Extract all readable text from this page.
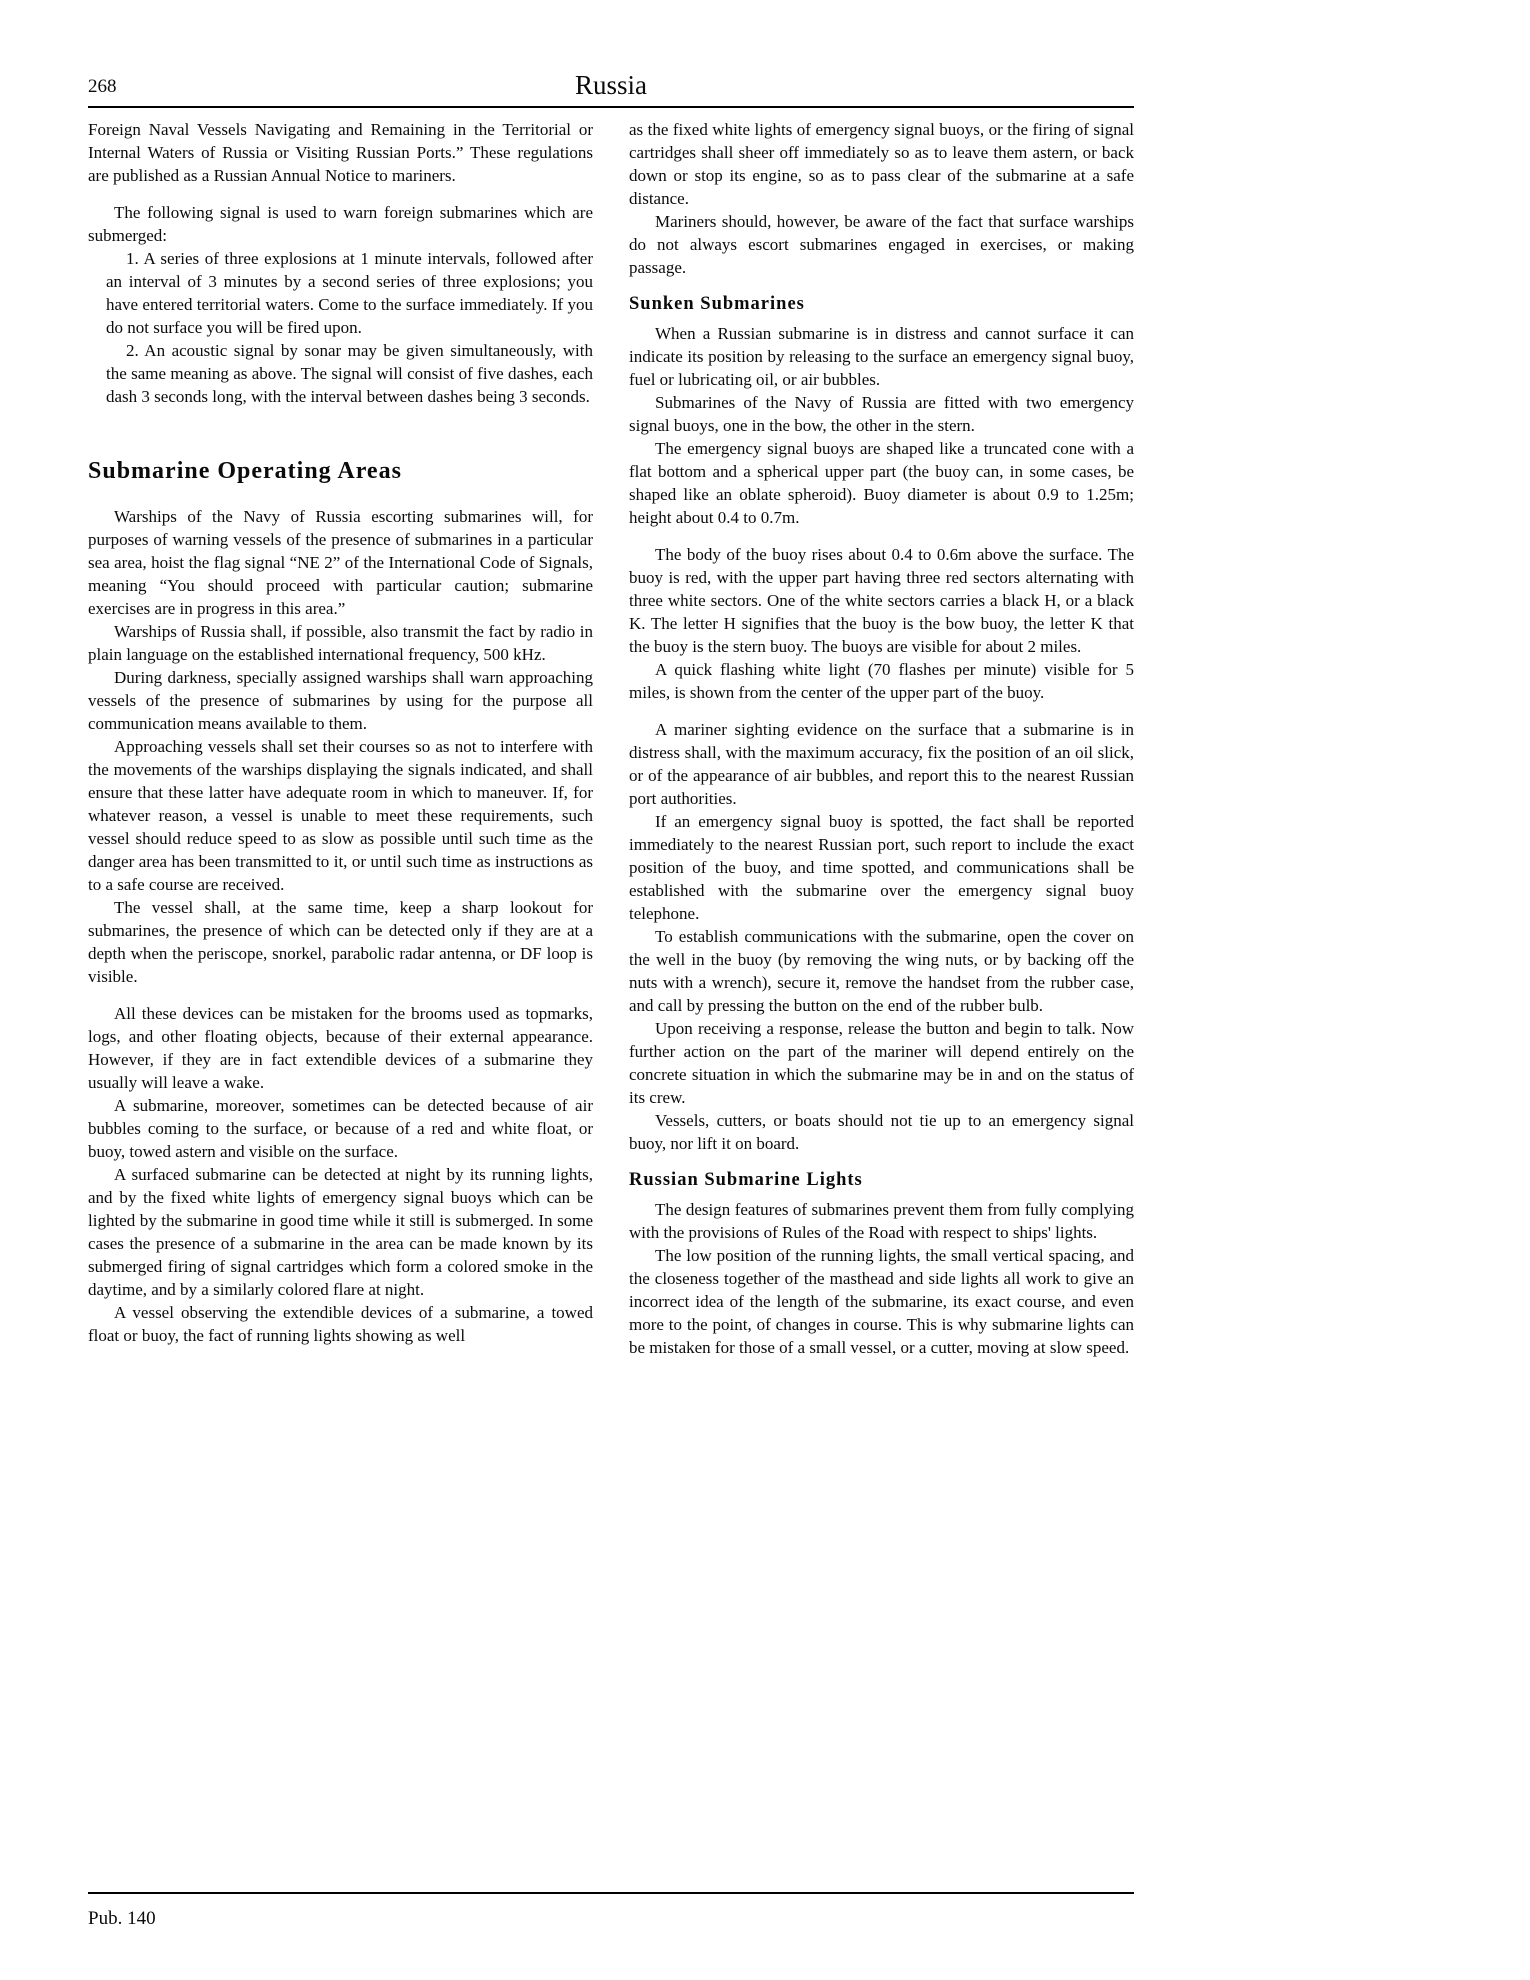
268	Russia

Foreign Naval Vessels Navigating and Remaining in the Territorial or Internal Waters of Russia or Visiting Russian Ports.” These regulations are published as a Russian Annual Notice to mariners.

The following signal is used to warn foreign submarines which are submerged:

1. A series of three explosions at 1 minute intervals, followed after an interval of 3 minutes by a second series of three explosions; you have entered territorial waters. Come to the surface immediately. If you do not surface you will be fired upon.

2. An acoustic signal by sonar may be given simultaneously, with the same meaning as above. The signal will consist of five dashes, each dash 3 seconds long, with the interval between dashes being 3 seconds.

Submarine Operating Areas

Warships of the Navy of Russia escorting submarines will, for purposes of warning vessels of the presence of submarines in a particular sea area, hoist the flag signal “NE 2” of the International Code of Signals, meaning “You should proceed with particular caution; submarine exercises are in progress in this area.”

Warships of Russia shall, if possible, also transmit the fact by radio in plain language on the established international frequency, 500 kHz.

During darkness, specially assigned warships shall warn approaching vessels of the presence of submarines by using for the purpose all communication means available to them.

Approaching vessels shall set their courses so as not to interfere with the movements of the warships displaying the signals indicated, and shall ensure that these latter have adequate room in which to maneuver. If, for whatever reason, a vessel is unable to meet these requirements, such vessel should reduce speed to as slow as possible until such time as the danger area has been transmitted to it, or until such time as instructions as to a safe course are received.

The vessel shall, at the same time, keep a sharp lookout for submarines, the presence of which can be detected only if they are at a depth when the periscope, snorkel, parabolic radar antenna, or DF loop is visible.

All these devices can be mistaken for the brooms used as topmarks, logs, and other floating objects, because of their external appearance. However, if they are in fact extendible devices of a submarine they usually will leave a wake.

A submarine, moreover, sometimes can be detected because of air bubbles coming to the surface, or because of a red and white float, or buoy, towed astern and visible on the surface.

A surfaced submarine can be detected at night by its running lights, and by the fixed white lights of emergency signal buoys which can be lighted by the submarine in good time while it still is submerged. In some cases the presence of a submarine in the area can be made known by its submerged firing of signal cartridges which form a colored smoke in the daytime, and by a similarly colored flare at night.

A vessel observing the extendible devices of a submarine, a towed float or buoy, the fact of running lights showing as well

as the fixed white lights of emergency signal buoys, or the firing of signal cartridges shall sheer off immediately so as to leave them astern, or back down or stop its engine, so as to pass clear of the submarine at a safe distance.

Mariners should, however, be aware of the fact that surface warships do not always escort submarines engaged in exercises, or making passage.

Sunken Submarines

When a Russian submarine is in distress and cannot surface it can indicate its position by releasing to the surface an emergency signal buoy, fuel or lubricating oil, or air bubbles.

Submarines of the Navy of Russia are fitted with two emergency signal buoys, one in the bow, the other in the stern.

The emergency signal buoys are shaped like a truncated cone with a flat bottom and a spherical upper part (the buoy can, in some cases, be shaped like an oblate spheroid). Buoy diameter is about 0.9 to 1.25m; height about 0.4 to 0.7m.

The body of the buoy rises about 0.4 to 0.6m above the surface. The buoy is red, with the upper part having three red sectors alternating with three white sectors. One of the white sectors carries a black H, or a black K. The letter H signifies that the buoy is the bow buoy, the letter K that the buoy is the stern buoy. The buoys are visible for about 2 miles.

A quick flashing white light (70 flashes per minute) visible for 5 miles, is shown from the center of the upper part of the buoy.

A mariner sighting evidence on the surface that a submarine is in distress shall, with the maximum accuracy, fix the position of an oil slick, or of the appearance of air bubbles, and report this to the nearest Russian port authorities.

If an emergency signal buoy is spotted, the fact shall be reported immediately to the nearest Russian port, such report to include the exact position of the buoy, and time spotted, and communications shall be established with the submarine over the emergency signal buoy telephone.

To establish communications with the submarine, open the cover on the well in the buoy (by removing the wing nuts, or by backing off the nuts with a wrench), secure it, remove the handset from the rubber case, and call by pressing the button on the end of the rubber bulb.

Upon receiving a response, release the button and begin to talk. Now further action on the part of the mariner will depend entirely on the concrete situation in which the submarine may be in and on the status of its crew.

Vessels, cutters, or boats should not tie up to an emergency signal buoy, nor lift it on board.

Russian Submarine Lights

The design features of submarines prevent them from fully complying with the provisions of Rules of the Road with respect to ships' lights.

The low position of the running lights, the small vertical spacing, and the closeness together of the masthead and side lights all work to give an incorrect idea of the length of the submarine, its exact course, and even more to the point, of changes in course. This is why submarine lights can be mistaken for those of a small vessel, or a cutter, moving at slow speed.

Pub. 140
